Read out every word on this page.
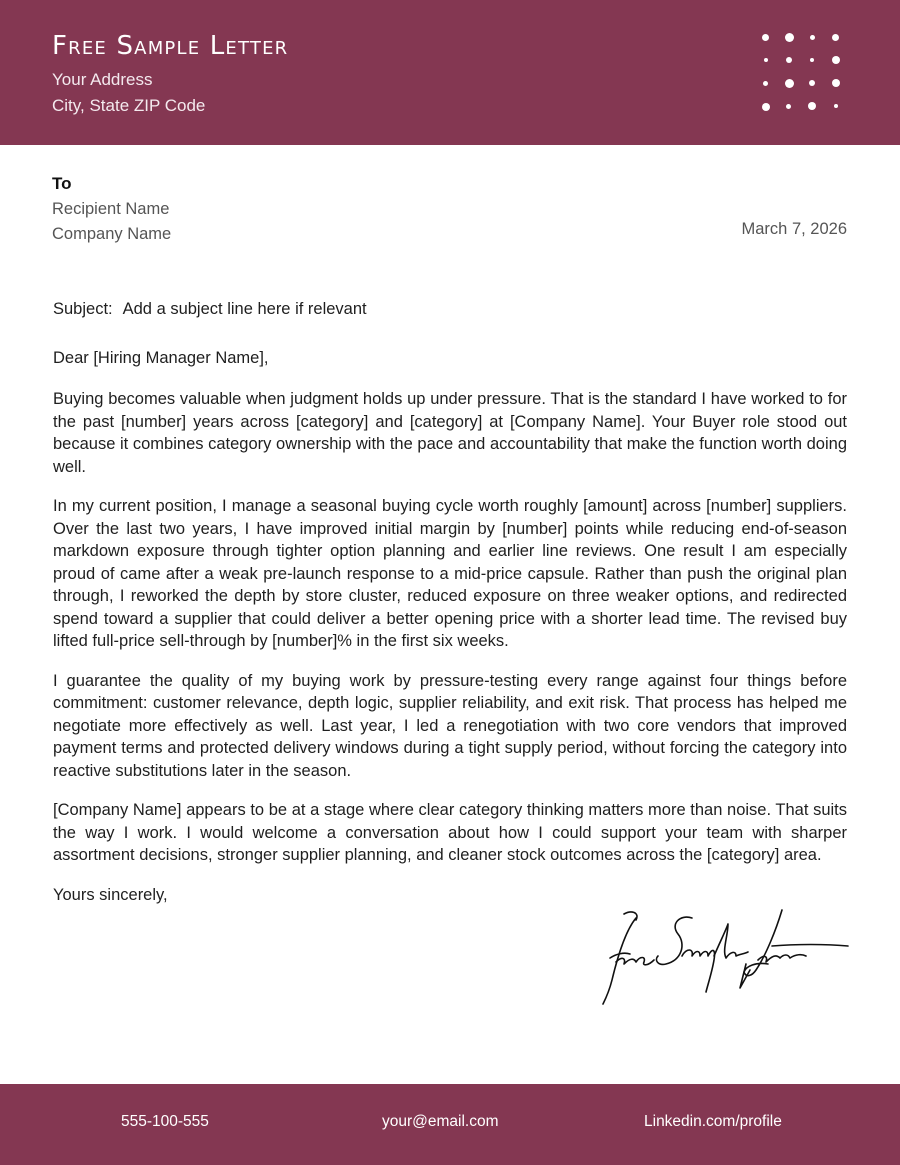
Free Sample Letter
Your Address
City, State ZIP Code
To
Recipient Name
Company Name	March 7, 2026
Subject: Add a subject line here if relevant
Dear [Hiring Manager Name],

Buying becomes valuable when judgment holds up under pressure. That is the standard I have worked to for the past [number] years across [category] and [category] at [Company Name]. Your Buyer role stood out because it combines category ownership with the pace and accountability that make the function worth doing well.

In my current position, I manage a seasonal buying cycle worth roughly [amount] across [number] suppliers. Over the last two years, I have improved initial margin by [number] points while reducing end-of-season markdown exposure through tighter option planning and earlier line reviews. One result I am especially proud of came after a weak pre-launch response to a mid-price capsule. Rather than push the original plan through, I reworked the depth by store cluster, reduced exposure on three weaker options, and redirected spend toward a supplier that could deliver a better opening price with a shorter lead time. The revised buy lifted full-price sell-through by [number]% in the first six weeks.

I guarantee the quality of my buying work by pressure-testing every range against four things before commitment: customer relevance, depth logic, supplier reliability, and exit risk. That process has helped me negotiate more effectively as well. Last year, I led a renegotiation with two core vendors that improved payment terms and protected delivery windows during a tight supply period, without forcing the category into reactive substitutions later in the season.

[Company Name] appears to be at a stage where clear category thinking matters more than noise. That suits the way I work. I would welcome a conversation about how I could support your team with sharper assortment decisions, stronger supplier planning, and cleaner stock outcomes across the [category] area.

Yours sincerely,
555-100-555	your@email.com	Linkedin.com/profile
